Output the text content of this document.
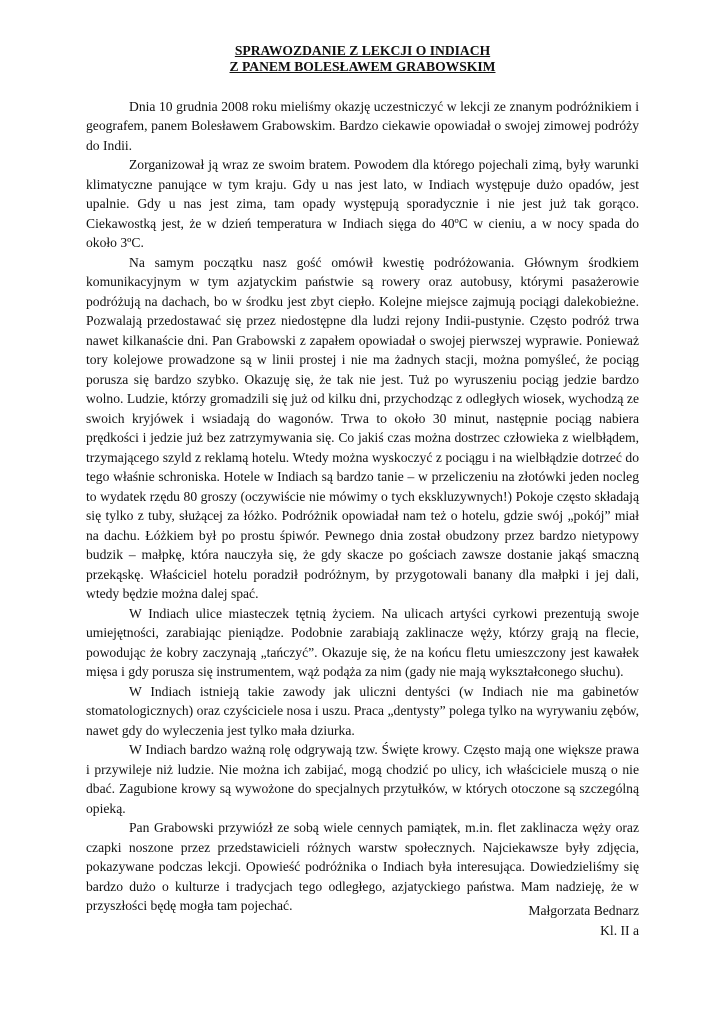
SPRAWOZDANIE Z LEKCJI O INDIACH
Z PANEM BOLESŁAWEM GRABOWSKIM

Dnia 10 grudnia 2008 roku mieliśmy okazję uczestniczyć w lekcji ze znanym podróżnikiem i geografem, panem Bolesławem Grabowskim. Bardzo ciekawie opowiadał o swojej zimowej podróży do Indii.

Zorganizował ją wraz ze swoim bratem. Powodem dla którego pojechali zimą, były warunki klimatyczne panujące w tym kraju. Gdy u nas jest lato, w Indiach występuje dużo opadów, jest upalnie. Gdy u nas jest zima, tam opady występują sporadycznie i nie jest już tak gorąco. Ciekawostką jest, że w dzień temperatura w Indiach sięga do 40ºC w cieniu, a w nocy spada do około 3ºC.

Na samym początku nasz gość omówił kwestię podróżowania. Głównym środkiem komunikacyjnym w tym azjatyckim państwie są rowery oraz autobusy, którymi pasażerowie podróżują na dachach, bo w środku jest zbyt ciepło. Kolejne miejsce zajmują pociągi dalekobieżne. Pozwalają przedostawać się przez niedostępne dla ludzi rejony Indii-pustynie. Często podróż trwa nawet kilkanaście dni. Pan Grabowski z zapałem opowiadał o swojej pierwszej wyprawie. Ponieważ tory kolejowe prowadzone są w linii prostej i nie ma żadnych stacji, można pomyśleć, że pociąg porusza się bardzo szybko. Okazuję się, że tak nie jest. Tuż po wyruszeniu pociąg jedzie bardzo wolno. Ludzie, którzy gromadzili się już od kilku dni, przychodząc z odległych wiosek, wychodzą ze swoich kryjówek i wsiadają do wagonów. Trwa to około 30 minut, następnie pociąg nabiera prędkości i jedzie już bez zatrzymywania się. Co jakiś czas można dostrzec człowieka z wielbłądem, trzymającego szyld z reklamą hotelu. Wtedy można wyskoczyć z pociągu i na wielbłądzie dotrzeć do tego właśnie schroniska. Hotele w Indiach są bardzo tanie – w przeliczeniu na złotówki jeden nocleg to wydatek rzędu 80 groszy (oczywiście nie mówimy o tych ekskluzywnych!) Pokoje często składają się tylko z tuby, służącej za łóżko. Podróżnik opowiadał nam też o hotelu, gdzie swój „pokój” miał na dachu. Łóżkiem był po prostu śpiwór. Pewnego dnia został obudzony przez bardzo nietypowy budzik – małpkę, która nauczyła się, że gdy skacze po gościach zawsze dostanie jakąś smaczną przekąskę. Właściciel hotelu poradził podróżnym, by przygotowali banany dla małpki i jej dali, wtedy będzie można dalej spać.

W Indiach ulice miasteczek tętnią życiem. Na ulicach artyści cyrkowi prezentują swoje umiejętności, zarabiając pieniądze. Podobnie zarabiają zaklinacze węży, którzy grają na flecie, powodując że kobry zaczynają „tańczyć”. Okazuje się, że na końcu fletu umieszczony jest kawałek mięsa i gdy porusza się instrumentem, wąż podąża za nim (gady nie mają wykształconego słuchu).

W Indiach istnieją takie zawody jak uliczni dentyści (w Indiach nie ma gabinetów stomatologicznych) oraz czyściciele nosa i uszu. Praca „dentysty” polega tylko na wyrywaniu zębów, nawet gdy do wyleczenia jest tylko mała dziurka.

W Indiach bardzo ważną rolę odgrywają tzw. Święte krowy. Często mają one większe prawa i przywileje niż ludzie. Nie można ich zabijać, mogą chodzić po ulicy, ich właściciele muszą o nie dbać. Zagubione krowy są wywożone do specjalnych przytułków, w których otoczone są szczególną opieką.

Pan Grabowski przywiózł ze sobą wiele cennych pamiątek, m.in. flet zaklinacza węży oraz czapki noszone przez przedstawicieli różnych warstw społecznych. Najciekawsze były zdjęcia, pokazywane podczas lekcji. Opowieść podróżnika o Indiach była interesująca. Dowiedzieliśmy się bardzo dużo o kulturze i tradycjach tego odległego, azjatyckiego państwa. Mam nadzieję, że w przyszłości będę mogła tam pojechać.	Małgorzata Bednarz
Kl. II a
